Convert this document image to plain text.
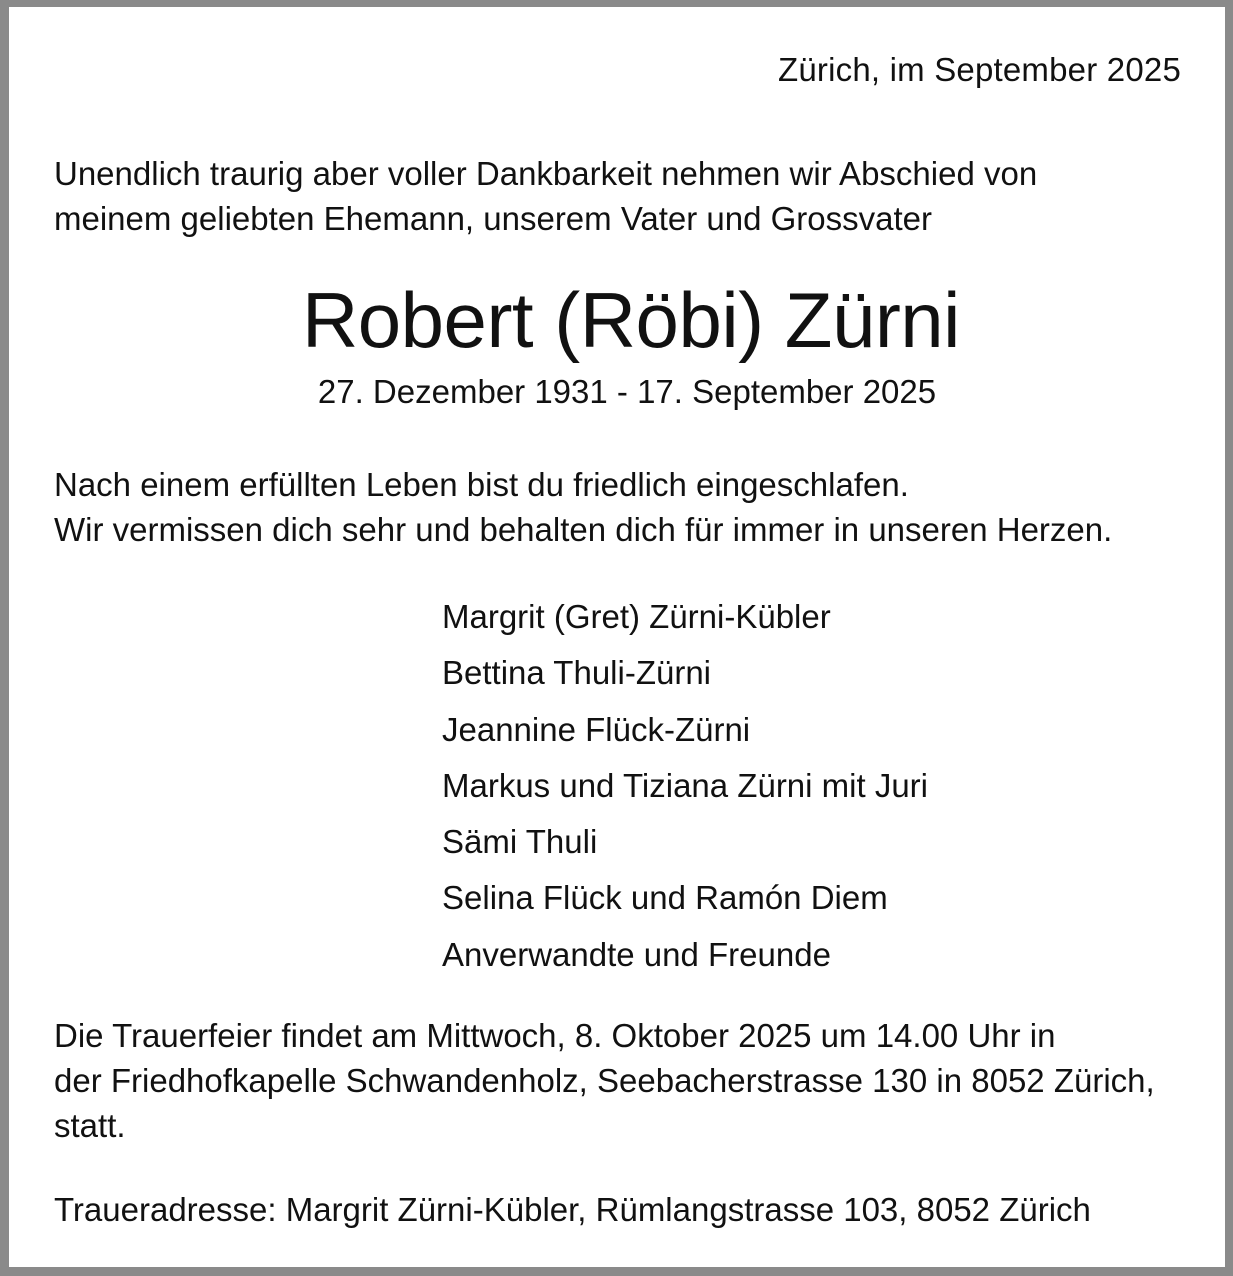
Zürich, im September 2025

Unendlich traurig aber voller Dankbarkeit nehmen wir Abschied von
meinem geliebten Ehemann, unserem Vater und Grossvater

Robert (Röbi) Zürni

27. Dezember 1931 - 17. September 2025

Nach einem erfüllten Leben bist du friedlich eingeschlafen.
Wir vermissen dich sehr und behalten dich für immer in unseren Herzen.

Margrit (Gret) Zürni-Kübler
Bettina Thuli-Zürni
Jeannine Flück-Zürni
Markus und Tiziana Zürni mit Juri
Sämi Thuli
Selina Flück und Ramón Diem
Anverwandte und Freunde

Die Trauerfeier findet am Mittwoch, 8. Oktober 2025 um 14.00 Uhr in
der Friedhofkapelle Schwandenholz, Seebacherstrasse 130 in 8052 Zürich,
statt.

Traueradresse: Margrit Zürni-Kübler, Rümlangstrasse 103, 8052 Zürich
